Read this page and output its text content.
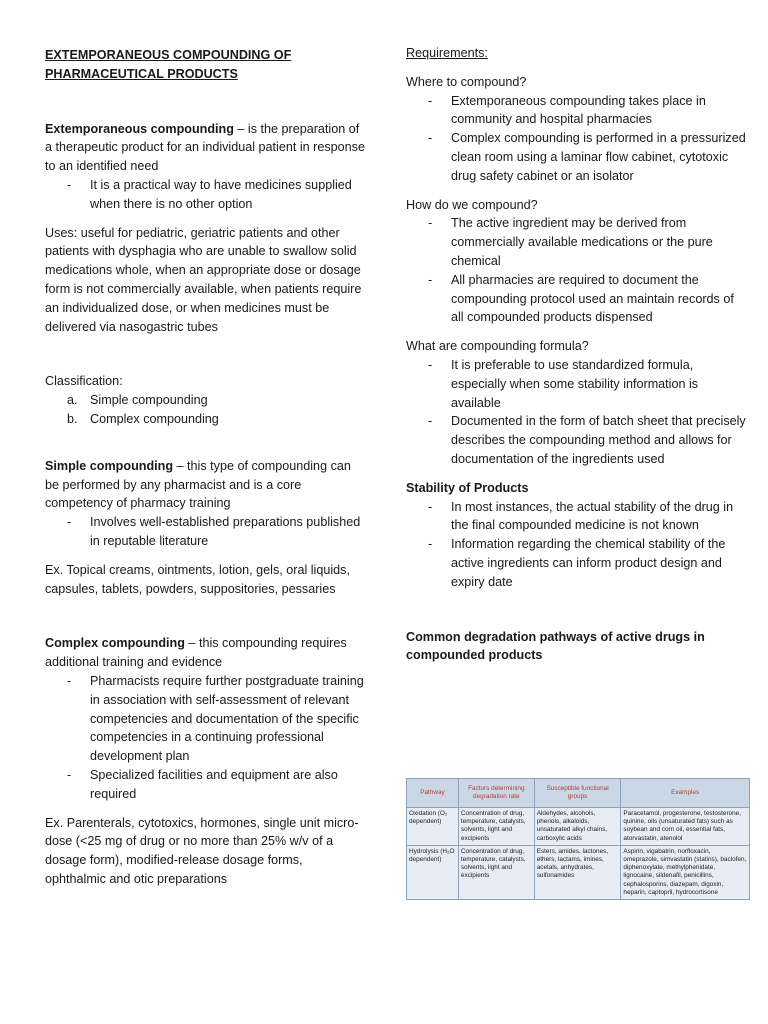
EXTEMPORANEOUS COMPOUNDING OF
PHARMACEUTICAL PRODUCTS

Extemporaneous compounding – is the preparation of a therapeutic product for an individual patient in response to an identified need

- It is a practical way to have medicines supplied when there is no other option

Uses: useful for pediatric, geriatric patients and other patients with dysphagia who are unable to swallow solid medications whole, when an appropriate dose or dosage form is not commercially available, when patients require an individualized dose, or when medicines must be delivered via nasogastric tubes

Classification:

a. Simple compounding
b. Complex compounding

Simple compounding – this type of compounding can be performed by any pharmacist and is a core competency of pharmacy training

- Involves well-established preparations published in reputable literature

Ex. Topical creams, ointments, lotion, gels, oral liquids, capsules, tablets, powders, suppositories, pessaries

Complex compounding – this compounding requires additional training and evidence

- Pharmacists require further postgraduate training in association with self-assessment of relevant competencies and documentation of the specific competencies in a continuing professional development plan
- Specialized facilities and equipment are also required

Ex. Parenterals, cytotoxics, hormones, single unit micro-dose (<25 mg of drug or no more than 25% w/v of a dosage form), modified-release dosage forms, ophthalmic and otic preparations

Requirements:

Where to compound?

- Extemporaneous compounding takes place in community and hospital pharmacies
- Complex compounding is performed in a pressurized clean room using a laminar flow cabinet, cytotoxic drug safety cabinet or an isolator

How do we compound?

- The active ingredient may be derived from commercially available medications or the pure chemical
- All pharmacies are required to document the compounding protocol used an maintain records of all compounded products dispensed

What are compounding formula?

- It is preferable to use standardized formula, especially when some stability information is available
- Documented in the form of batch sheet that precisely describes the compounding method and allows for documentation of the ingredients used

Stability of Products

- In most instances, the actual stability of the drug in the final compounded medicine is not known
- Information regarding the chemical stability of the active ingredients can inform product design and expiry date

Common degradation pathways of active drugs in compounded products

Pathway	Factors determining degradation rate	Susceptible functional groups	Examples
Oxidation (O₂ dependent)	Concentration of drug, temperature, catalysts, solvents, light and excipients	Aldehydes, alcohols, phenols, alkaloids, unsaturated alkyl chains, carboxylic acids	Paracetamol, progesterone, testosterone, quinine, oils (unsaturated fats) such as soybean and corn oil, essential fats, atorvastatin, atenolol
Hydrolysis (H₂O dependent)	Concentration of drug, temperature, catalysts, solvents, light and excipients	Esters, amides, lactones, ethers, lactams, imines, acetals, anhydrates, sulfonamides	Aspirin, vigabatrin, norfloxacin, omeprazole, simvastatin (statins), baclofen, diphenoxylate, methylphenidate, lignocaine, sildenafil, penicillins, cephalosporins, diazepam, digoxin, heparin, captopril, hydrocortisone
